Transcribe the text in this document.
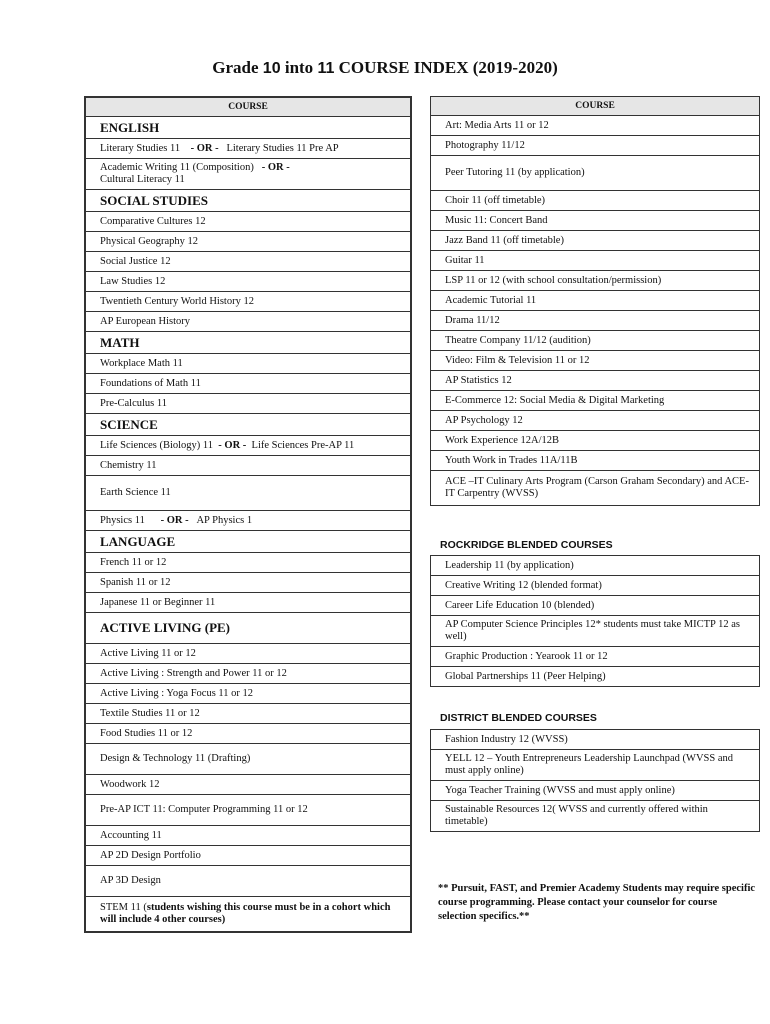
Grade 10 into 11 COURSE INDEX (2019-2020)
COURSE
ENGLISH
Literary Studies 11 - OR - Literary Studies 11 Pre AP
Academic Writing 11 (Composition) - OR -
Cultural Literacy 11
SOCIAL STUDIES
Comparative Cultures 12
Physical Geography 12
Social Justice 12
Law Studies 12
Twentieth Century World History 12
AP European History
MATH
Workplace Math 11
Foundations of Math 11
Pre-Calculus 11
SCIENCE
Life Sciences (Biology) 11 - OR - Life Sciences Pre-AP 11
Chemistry 11
Earth Science 11
Physics 11 - OR - AP Physics 1
LANGUAGE
French 11 or 12
Spanish 11 or 12
Japanese 11 or Beginner 11
ACTIVE LIVING (PE)
Active Living 11 or 12
Active Living : Strength and Power 11 or 12
Active Living : Yoga Focus 11 or 12
Textile Studies 11 or 12
Food Studies 11 or 12
Design & Technology 11 (Drafting)
Woodwork 12
Pre-AP ICT 11: Computer Programming 11 or 12
Accounting 11
AP 2D Design Portfolio
AP 3D Design
STEM 11 (students wishing this course must be in a cohort which will include 4 other courses)
COURSE
Art: Media Arts 11 or 12
Photography 11/12
Peer Tutoring 11 (by application)
Choir 11 (off timetable)
Music 11: Concert Band
Jazz Band 11 (off timetable)
Guitar 11
LSP 11 or 12 (with school consultation/permission)
Academic Tutorial 11
Drama 11/12
Theatre Company 11/12 (audition)
Video: Film & Television 11 or 12
AP Statistics 12
E-Commerce 12: Social Media & Digital Marketing
AP Psychology 12
Work Experience 12A/12B
Youth Work in Trades 11A/11B
ACE –IT Culinary Arts Program (Carson Graham Secondary) and ACE-IT Carpentry (WVSS)
ROCKRIDGE BLENDED COURSES
Leadership 11 (by application)
Creative Writing 12 (blended format)
Career Life Education 10 (blended)
AP Computer Science Principles 12* students must take MICTP 12 as well)
Graphic Production : Yearook 11 or 12
Global Partnerships 11 (Peer Helping)
DISTRICT BLENDED COURSES
Fashion Industry 12 (WVSS)
YELL 12 – Youth Entrepreneurs Leadership Launchpad (WVSS and must apply online)
Yoga Teacher Training (WVSS and must apply online)
Sustainable Resources 12( WVSS and currently offered within timetable)
** Pursuit, FAST, and Premier Academy Students may require specific course programming. Please contact your counselor for course selection specifics.**
